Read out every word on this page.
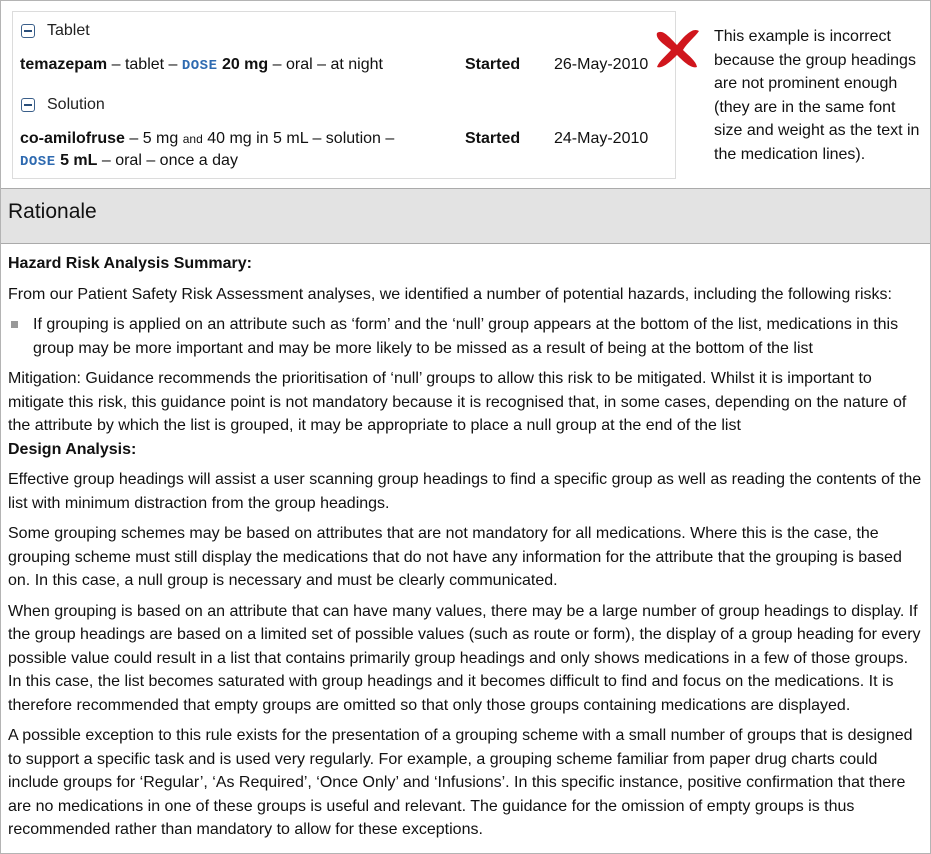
Tablet
temazepam – tablet – DOSE 20 mg – oral – at night	Started 26-May-2010
Solution
co-amilofruse – 5 mg and 40 mg in 5 mL – solution –
DOSE 5 mL – oral – once a day
Started 24-May-2010
This example is incorrect because the group headings are not prominent enough (they are in the same font size and weight as the text in the medication lines).
Rationale

Hazard Risk Analysis Summary:

From our Patient Safety Risk Assessment analyses, we identified a number of potential hazards, including the following risks:

If grouping is applied on an attribute such as ‘form’ and the ‘null’ group appears at the bottom of the list, medications in this group may be more important and may be more likely to be missed as a result of being at the bottom of the list

Mitigation: Guidance recommends the prioritisation of ‘null’ groups to allow this risk to be mitigated. Whilst it is important to mitigate this risk, this guidance point is not mandatory because it is recognised that, in some cases, depending on the nature of the attribute by which the list is grouped, it may be appropriate to place a null group at the end of the list

Design Analysis:

Effective group headings will assist a user scanning group headings to find a specific group as well as reading the contents of the list with minimum distraction from the group headings.

Some grouping schemes may be based on attributes that are not mandatory for all medications. Where this is the case, the grouping scheme must still display the medications that do not have any information for the attribute that the grouping is based on. In this case, a null group is necessary and must be clearly communicated.

When grouping is based on an attribute that can have many values, there may be a large number of group headings to display. If the group headings are based on a limited set of possible values (such as route or form), the display of a group heading for every possible value could result in a list that contains primarily group headings and only shows medications in a few of those groups. In this case, the list becomes saturated with group headings and it becomes difficult to find and focus on the medications. It is therefore recommended that empty groups are omitted so that only those groups containing medications are displayed.

A possible exception to this rule exists for the presentation of a grouping scheme with a small number of groups that is designed to support a specific task and is used very regularly. For example, a grouping scheme familiar from paper drug charts could include groups for ‘Regular’, ‘As Required’, ‘Once Only’ and ‘Infusions’. In this specific instance, positive confirmation that there are no medications in one of these groups is useful and relevant. The guidance for the omission of empty groups is thus recommended rather than mandatory to allow for these exceptions.
